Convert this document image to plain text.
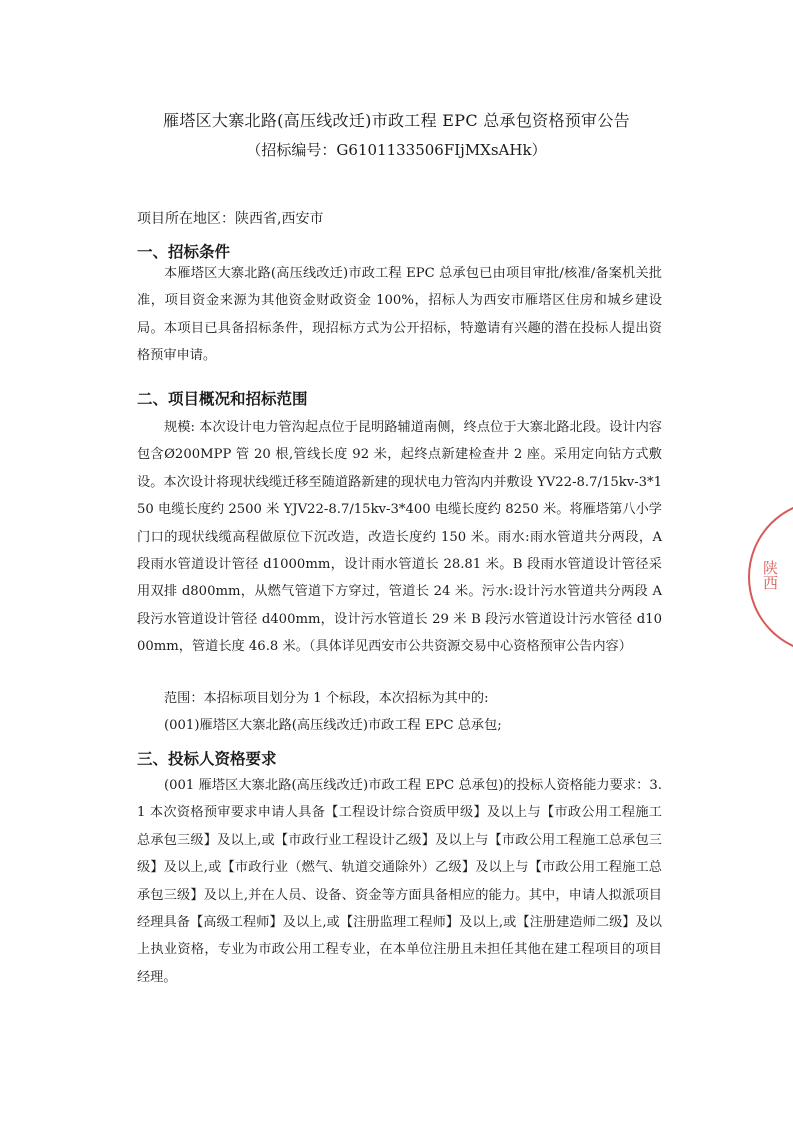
雁塔区大寨北路(高压线改迁)市政工程 EPC 总承包资格预审公告
（招标编号：G6101133506FIjMXsAHk）
项目所在地区：陕西省,西安市
一、招标条件
本雁塔区大寨北路(高压线改迁)市政工程 EPC 总承包已由项目审批/核准/备案机关批准，项目资金来源为其他资金财政资金 100%，招标人为西安市雁塔区住房和城乡建设局。本项目已具备招标条件，现招标方式为公开招标，特邀请有兴趣的潜在投标人提出资格预审申请。
二、项目概况和招标范围
规模: 本次设计电力管沟起点位于昆明路辅道南侧，终点位于大寨北路北段。设计内容包含Ø200MPP 管 20 根,管线长度 92 米，起终点新建检查井 2 座。采用定向钻方式敷设。本次设计将现状线缆迁移至随道路新建的现状电力管沟内并敷设 YV22-8.7/15kv-3*150 电缆长度约 2500 米 YJV22-8.7/15kv-3*400 电缆长度约 8250 米。将雁塔第八小学门口的现状线缆高程做原位下沉改造，改造长度约 150 米。雨水:雨水管道共分两段，A 段雨水管道设计管径 d1000mm，设计雨水管道长 28.81 米。B 段雨水管道设计管径采用双排 d800mm，从燃气管道下方穿过，管道长 24 米。污水:设计污水管道共分两段 A 段污水管道设计管径 d400mm，设计污水管道长 29 米 B 段污水管道设计污水管径 d1000mm，管道长度 46.8 米。（具体详见西安市公共资源交易中心资格预审公告内容）
范围：本招标项目划分为 1 个标段，本次招标为其中的:
(001)雁塔区大寨北路(高压线改迁)市政工程 EPC 总承包;
三、投标人资格要求
(001 雁塔区大寨北路(高压线改迁)市政工程 EPC 总承包)的投标人资格能力要求：3.1 本次资格预审要求申请人具备【工程设计综合资质甲级】及以上与【市政公用工程施工总承包三级】及以上,或【市政行业工程设计乙级】及以上与【市政公用工程施工总承包三级】及以上,或【市政行业（燃气、轨道交通除外）乙级】及以上与【市政公用工程施工总承包三级】及以上,并在人员、设备、资金等方面具备相应的能力。其中，申请人拟派项目经理具备【高级工程师】及以上,或【注册监理工程师】及以上,或【注册建造师二级】及以上执业资格，专业为市政公用工程专业，在本单位注册且未担任其他在建工程项目的项目经理。
陕西
